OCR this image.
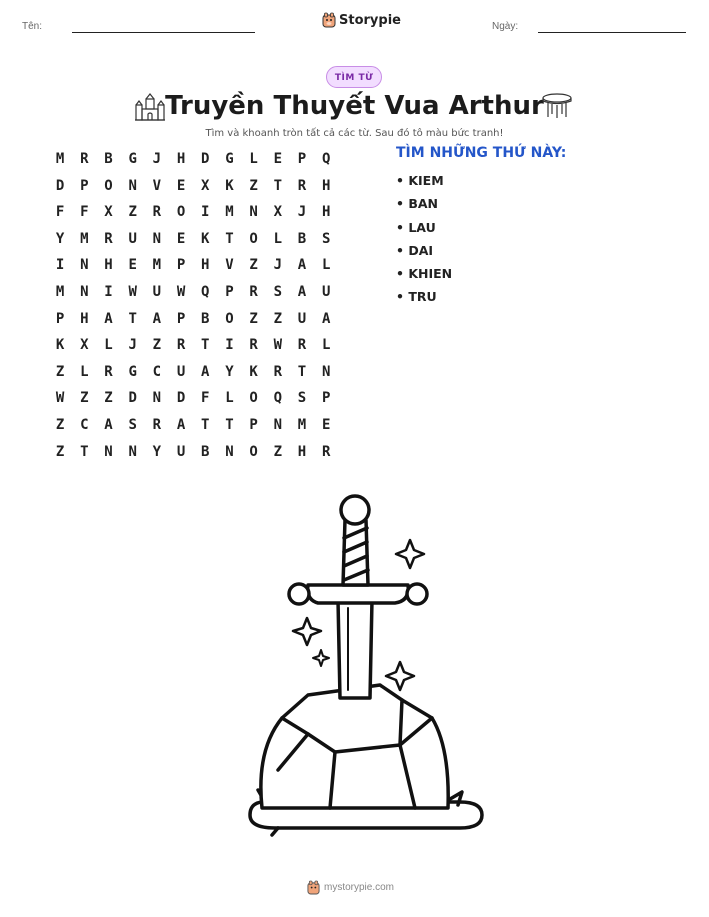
Tên:	Storypie	Ngày:
TÌM TỪ
Truyền Thuyết Vua Arthur
Tìm và khoanh tròn tất cả các từ. Sau đó tô màu bức tranh!
M	R	B	G	J	H	D	G	L	E	P	Q
D	P	O	N	V	E	X	K	Z	T	R	H
F	F	X	Z	R	O	I	M	N	X	J	H
Y	M	R	U	N	E	K	T	O	L	B	S
I	N	H	E	M	P	H	V	Z	J	A	L
M	N	I	W	U	W	Q	P	R	S	A	U
P	H	A	T	A	P	B	O	Z	Z	U	A
K	X	L	J	Z	R	T	I	R	W	R	L
Z	L	R	G	C	U	A	Y	K	R	T	N
W	Z	Z	D	N	D	F	L	O	Q	S	P
Z	C	A	S	R	A	T	T	P	N	M	E
Z	T	N	N	Y	U	B	N	O	Z	H	R
TÌM NHỮNG THỨ NÀY:
• KIEM
• BAN
• LAU
• DAI
• KHIEN
• TRU
mystorypie.com
